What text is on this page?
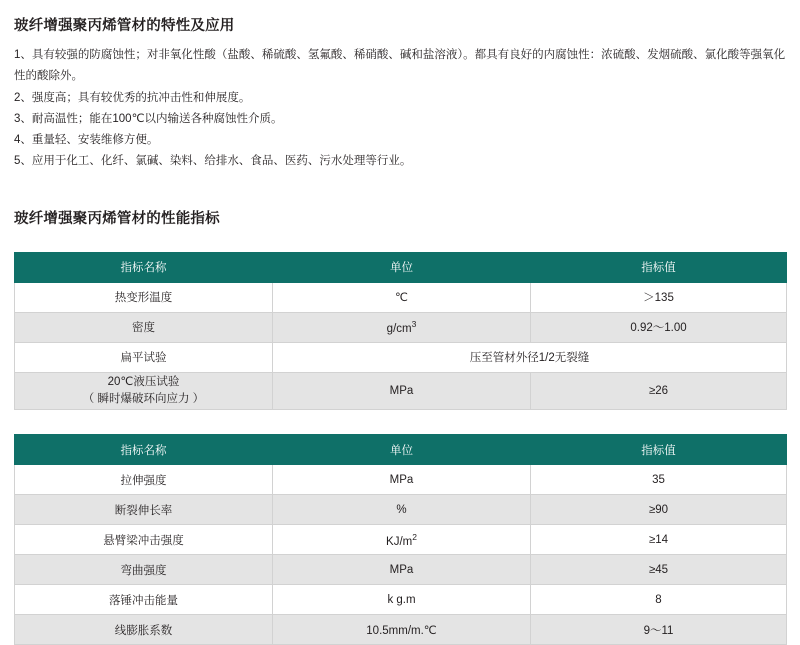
玻纤增强聚丙烯管材的特性及应用
1、具有较强的防腐蚀性；对非氧化性酸（盐酸、稀硫酸、氢氟酸、稀硝酸、碱和盐溶液）。都具有良好的内腐蚀性：浓硫酸、发烟硫酸、氯化酸等强氧化性的酸除外。
2、强度高；具有较优秀的抗冲击性和伸展度。
3、耐高温性；能在100℃以内输送各种腐蚀性介质。
4、重量轻、安装维修方便。
5、应用于化工、化纤、氯碱、染料、给排水、食品、医药、污水处理等行业。
玻纤增强聚丙烯管材的性能指标
指标名称	单位	指标值
热变形温度	℃	＞135
密度	$g/cm^3$	0.92～1.00
扁平试验	压至管材外径1/2无裂缝	

20℃液压试验
（ 瞬时爆破环向应力 ）	MPa	≥26
指标名称	单位	指标值
拉伸强度	MPa	35
断裂伸长率	%	≥90
悬臂梁冲击强度	$KJ/m^2$	≥14
弯曲强度	MPa	≥45
落锤冲击能量	k g.m	8
线膨胀系数	10.5mm/m.℃	9～11
